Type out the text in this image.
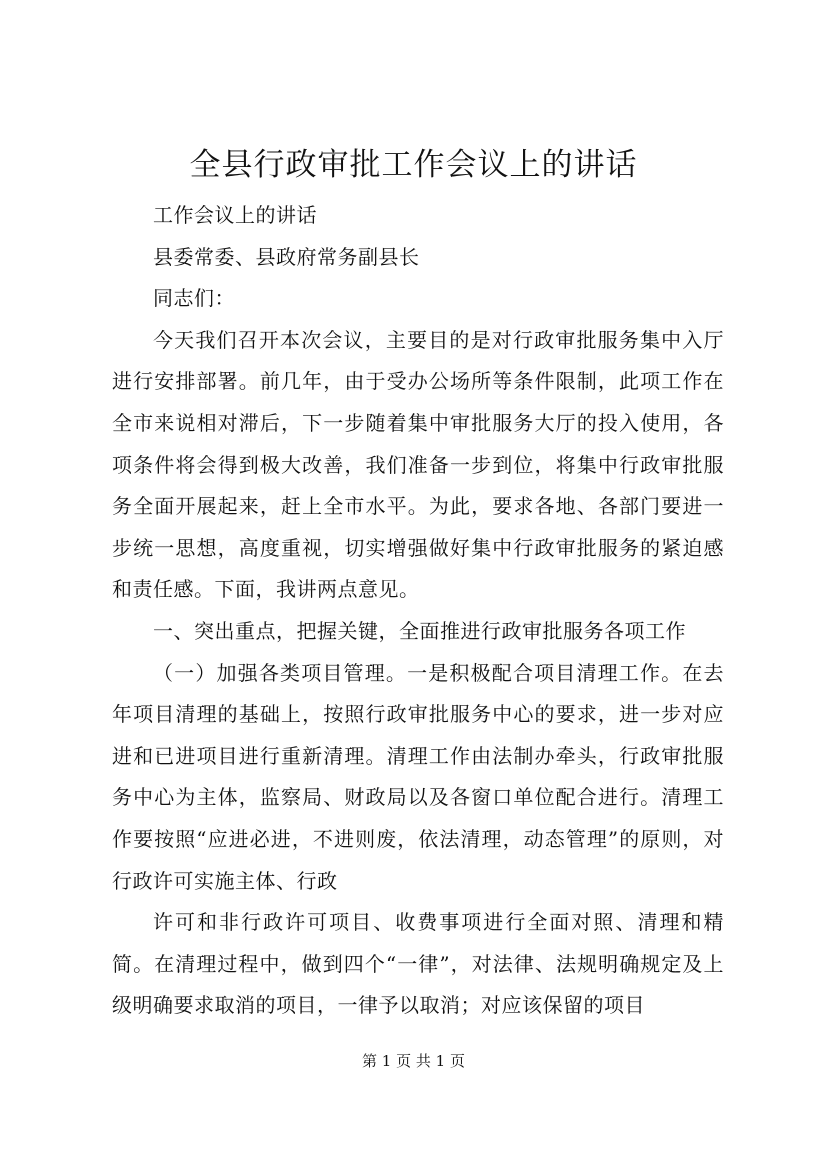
全县行政审批工作会议上的讲话

工作会议上的讲话

县委常委、县政府常务副县长

同志们：

今天我们召开本次会议，主要目的是对行政审批服务集中入厅进行安排部署。前几年，由于受办公场所等条件限制，此项工作在全市来说相对滞后，下一步随着集中审批服务大厅的投入使用，各项条件将会得到极大改善，我们准备一步到位，将集中行政审批服务全面开展起来，赶上全市水平。为此，要求各地、各部门要进一步统一思想，高度重视，切实增强做好集中行政审批服务的紧迫感和责任感。下面，我讲两点意见。

一、突出重点，把握关键，全面推进行政审批服务各项工作

（一）加强各类项目管理。一是积极配合项目清理工作。在去年项目清理的基础上，按照行政审批服务中心的要求，进一步对应进和已进项目进行重新清理。清理工作由法制办牵头，行政审批服务中心为主体，监察局、财政局以及各窗口单位配合进行。清理工作要按照“应进必进，不进则废，依法清理，动态管理”的原则，对行政许可实施主体、行政

许可和非行政许可项目、收费事项进行全面对照、清理和精简。在清理过程中，做到四个“一律”，对法律、法规明确规定及上级明确要求取消的项目，一律予以取消；对应该保留的项目

第 1 页 共 1 页
